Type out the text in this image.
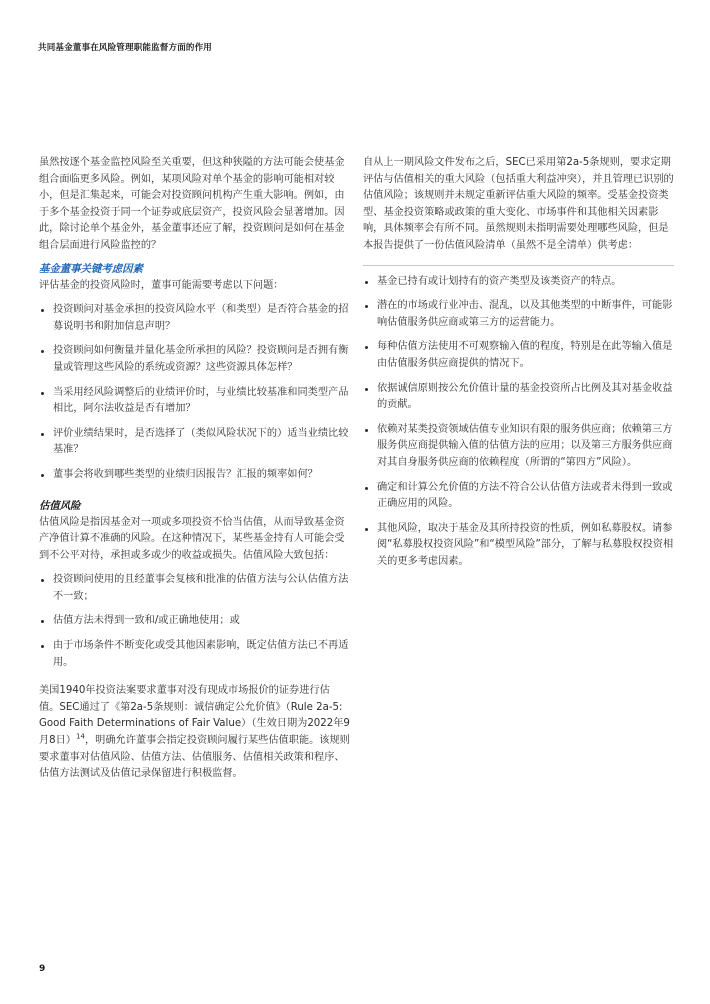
共同基金董事在风险管理职能监督方面的作用

虽然按逐个基金监控风险至关重要，但这种狭隘的方法可能会使基金组合面临更多风险。例如，某项风险对单个基金的影响可能相对较小，但是汇集起来，可能会对投资顾问机构产生重大影响。例如，由于多个基金投资于同一个证券或底层资产，投资风险会显著增加。因此，除讨论单个基金外，基金董事还应了解，投资顾问是如何在基金组合层面进行风险监控的？

基金董事关键考虑因素

评估基金的投资风险时，董事可能需要考虑以下问题：

投资顾问对基金承担的投资风险水平（和类型）是否符合基金的招募说明书和附加信息声明？
投资顾问如何衡量并量化基金所承担的风险？投资顾问是否拥有衡量或管理这些风险的系统或资源？这些资源具体怎样？
当采用经风险调整后的业绩评价时，与业绩比较基准和同类型产品相比，阿尔法收益是否有增加？
评价业绩结果时，是否选择了（类似风险状况下的）适当业绩比较基准？
董事会将收到哪些类型的业绩归因报告？汇报的频率如何？
估值风险

估值风险是指因基金对一项或多项投资不恰当估值，从而导致基金资产净值计算不准确的风险。在这种情况下，某些基金持有人可能会受到不公平对待，承担或多或少的收益或损失。估值风险大致包括：

投资顾问使用的且经董事会复核和批准的估值方法与公认估值方法不一致；
估值方法未得到一致和/或正确地使用；或
由于市场条件不断变化或受其他因素影响，既定估值方法已不再适用。

美国1940年投资法案要求董事对没有现成市场报价的证券进行估值。SEC通过了《第2a-5条规则：诚信确定公允价值》（Rule 2a-5: Good Faith Determinations of Fair Value）（生效日期为2022年9月8日）$^{14}$，明确允许董事会指定投资顾问履行某些估值职能。该规则要求董事对估值风险、估值方法、估值服务、估值相关政策和程序、估值方法测试及估值记录保留进行积极监督。

自从上一期风险文件发布之后，SEC已采用第2a-5条规则，要求定期评估与估值相关的重大风险（包括重大利益冲突），并且管理已识别的估值风险；该规则并未规定重新评估重大风险的频率。受基金投资类型、基金投资策略或政策的重大变化、市场事件和其他相关因素影响，具体频率会有所不同。虽然规则未指明需要处理哪些风险，但是本报告提供了一份估值风险清单（虽然不是全清单）供考虑：

基金已持有或计划持有的资产类型及该类资产的特点。
潜在的市场或行业冲击、混乱，以及其他类型的中断事件，可能影响估值服务供应商或第三方的运营能力。
每种估值方法使用不可观察输入值的程度，特别是在此等输入值是由估值服务供应商提供的情况下。
依据诚信原则按公允价值计量的基金投资所占比例及其对基金收益的贡献。
依赖对某类投资领域估值专业知识有限的服务供应商；依赖第三方服务供应商提供输入值的估值方法的应用；以及第三方服务供应商对其自身服务供应商的依赖程度（所谓的“第四方”风险）。
确定和计算公允价值的方法不符合公认估值方法或者未得到一致或正确应用的风险。
其他风险，取决于基金及其所持投资的性质，例如私募股权。请参阅“私募股权投资风险”和“模型风险”部分，了解与私募股权投资相关的更多考虑因素。
9
